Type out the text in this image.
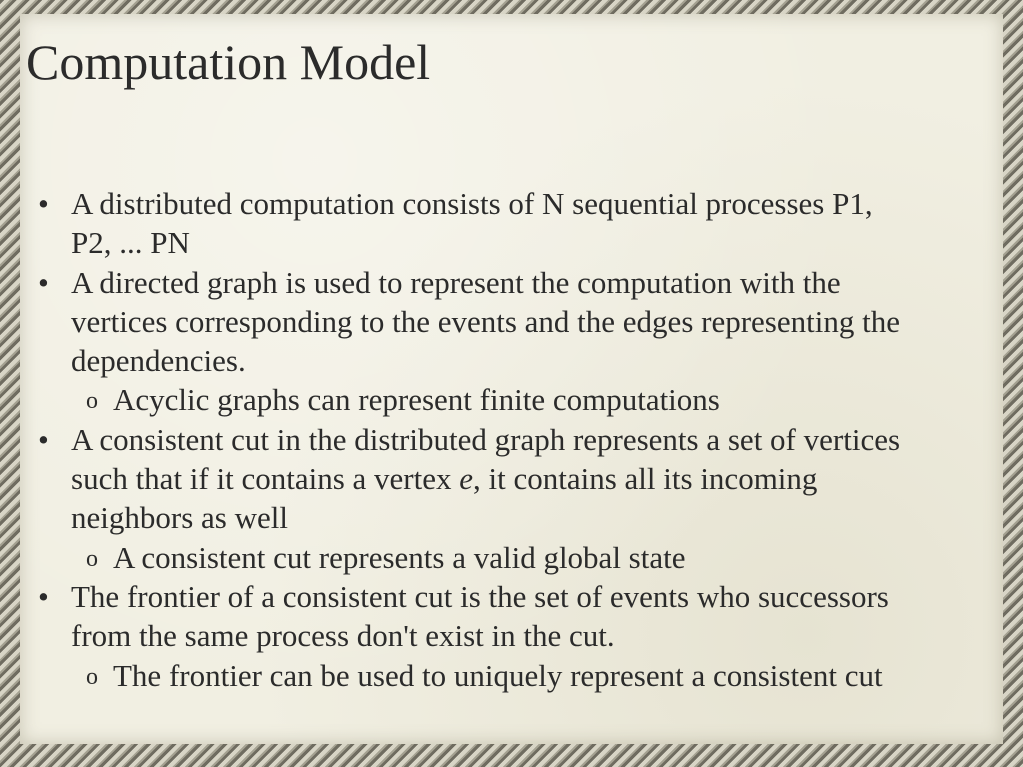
Computation Model
• A distributed computation consists of N sequential processes P1,
P2, ... PN
• A directed graph is used to represent the computation with the
vertices corresponding to the events and the edges representing the
dependencies.
o Acyclic graphs can represent finite computations
• A consistent cut in the distributed graph represents a set of vertices
such that if it contains a vertex e, it contains all its incoming
neighbors as well
o A consistent cut represents a valid global state
• The frontier of a consistent cut is the set of events who successors
from the same process don't exist in the cut.
o The frontier can be used to uniquely represent a consistent cut
